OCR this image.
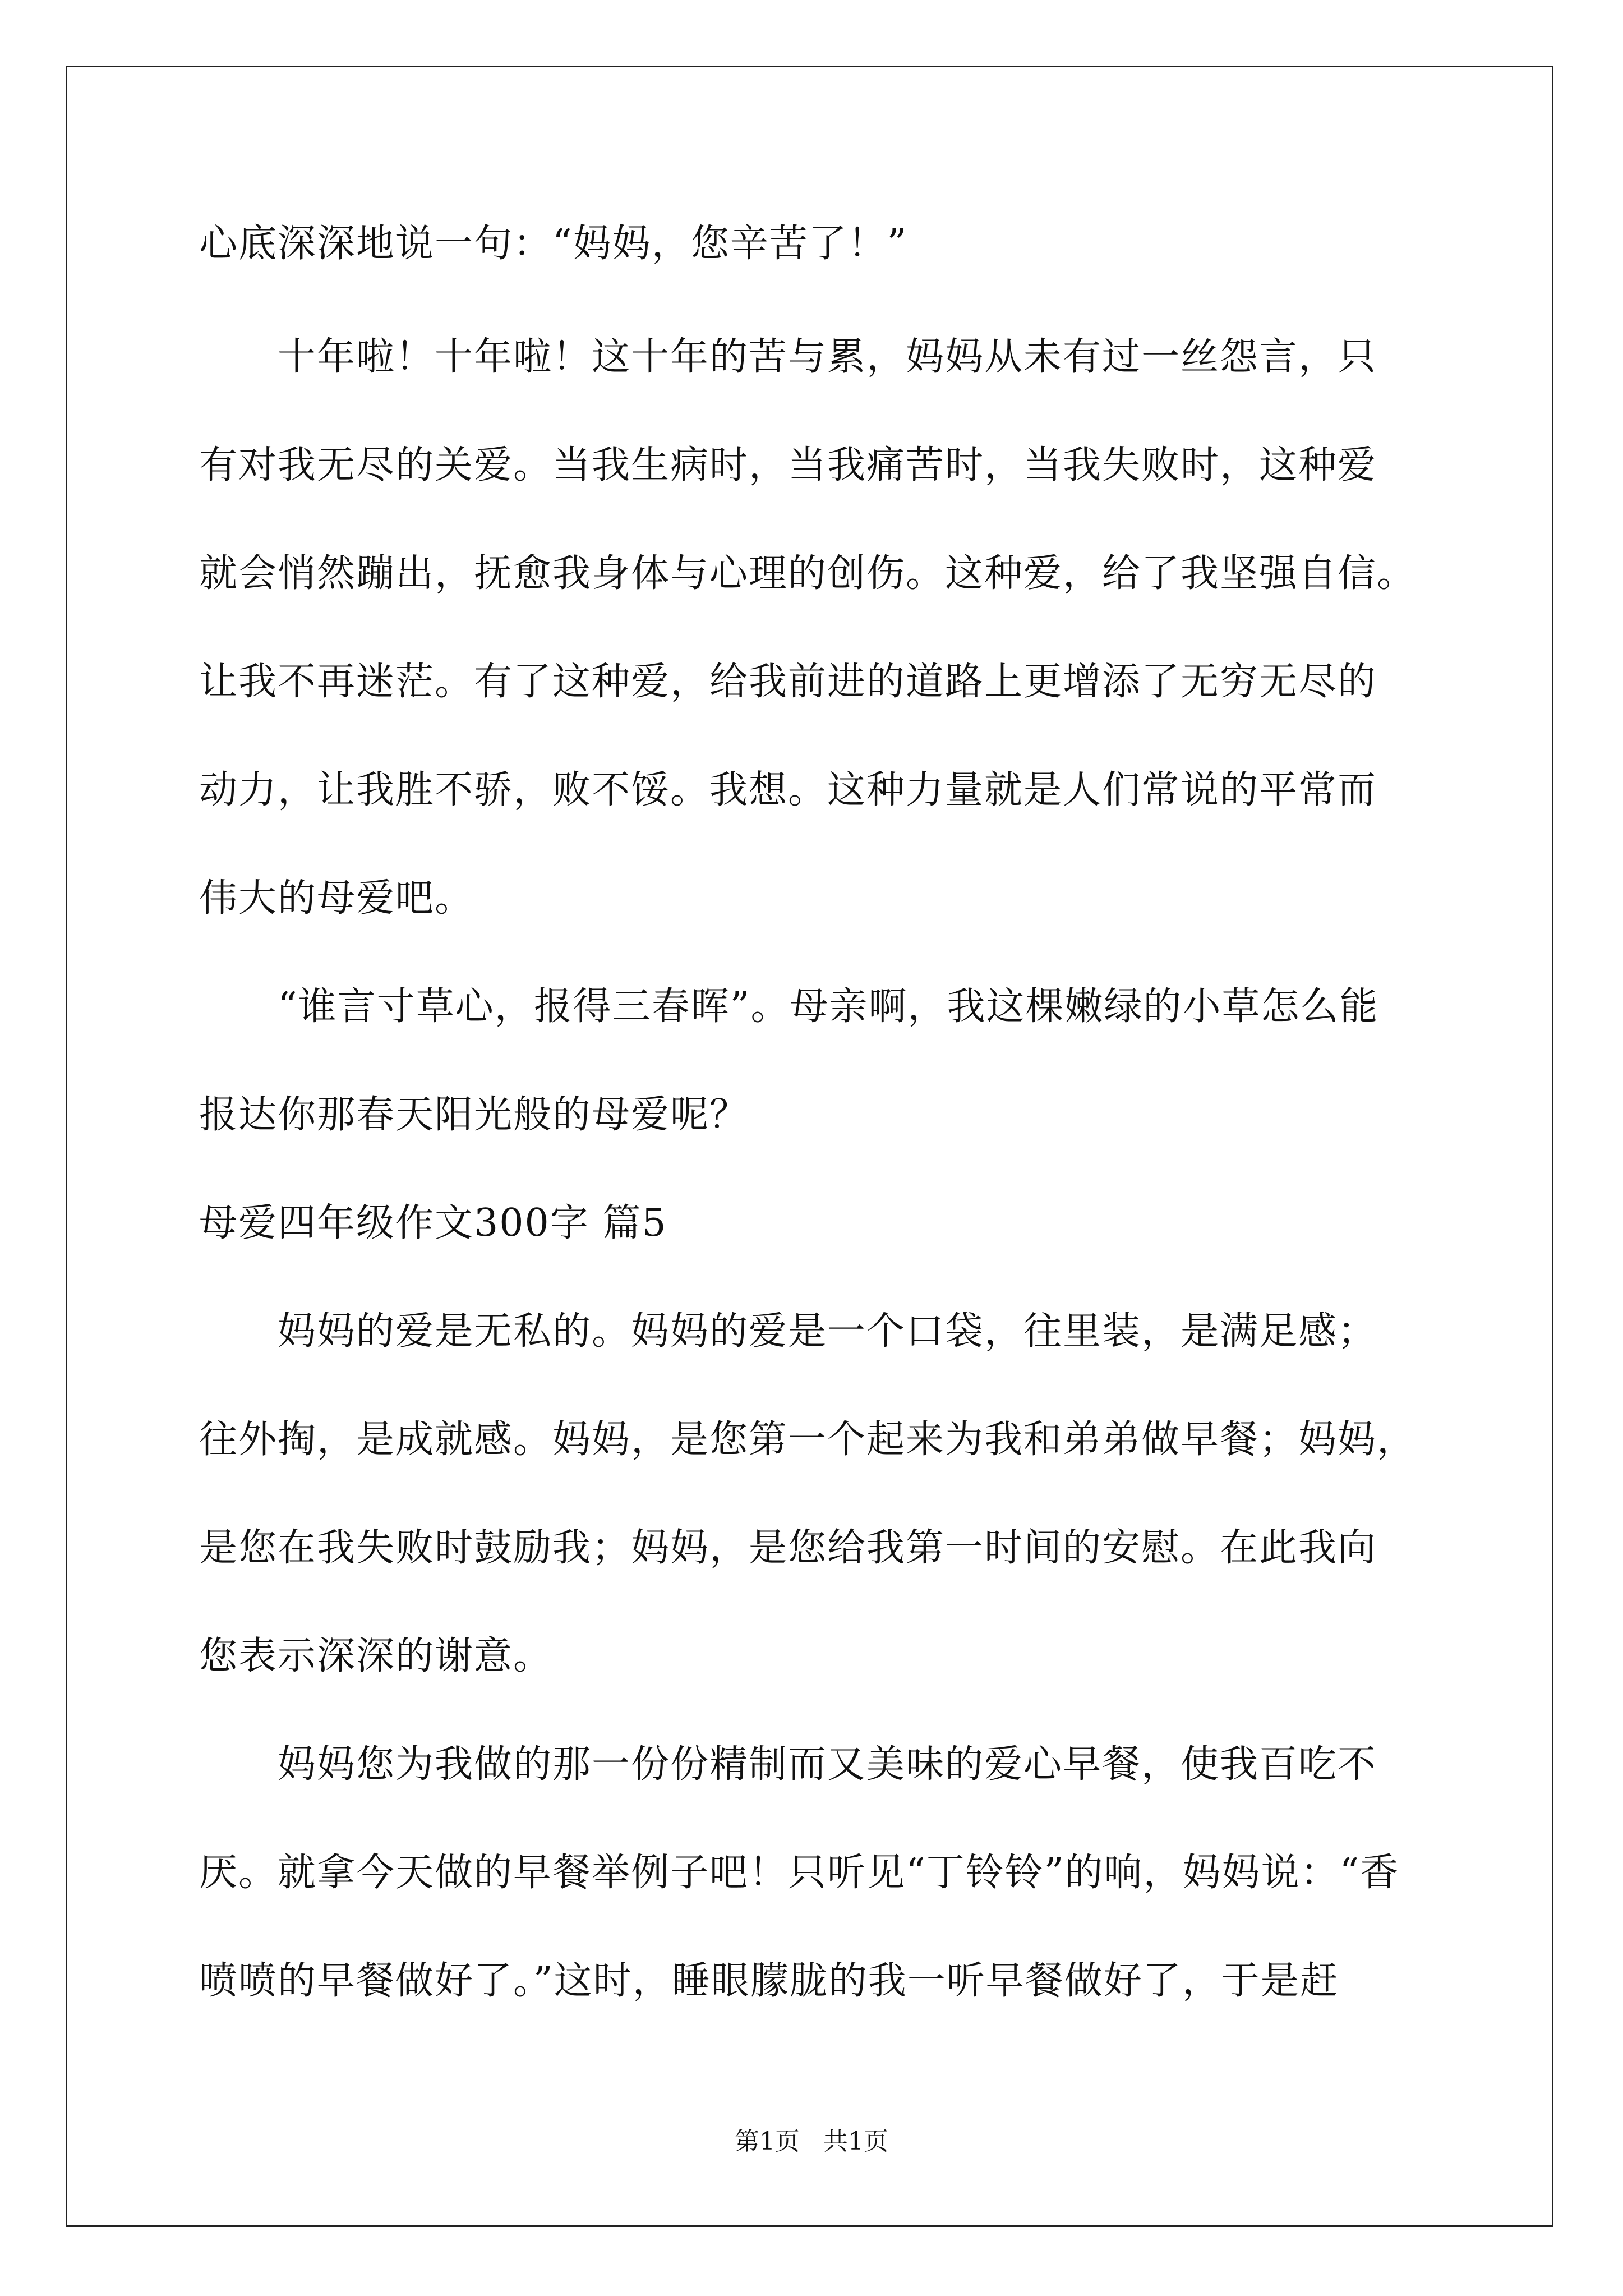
心底深深地说一句：“妈妈，您辛苦了！”
　　十年啦！十年啦！这十年的苦与累，妈妈从未有过一丝怨言，只
有对我无尽的关爱。当我生病时，当我痛苦时，当我失败时，这种爱
就会悄然蹦出，抚愈我身体与心理的创伤。这种爱，给了我坚强自信。
让我不再迷茫。有了这种爱，给我前进的道路上更增添了无穷无尽的
动力，让我胜不骄，败不馁。我想。这种力量就是人们常说的平常而
伟大的母爱吧。
　　“谁言寸草心，报得三春晖”。母亲啊，我这棵嫩绿的小草怎么能
报达你那春天阳光般的母爱呢？
母爱四年级作文300字 篇5
　　妈妈的爱是无私的。妈妈的爱是一个口袋，往里装，是满足感；
往外掏，是成就感。妈妈，是您第一个起来为我和弟弟做早餐；妈妈，
是您在我失败时鼓励我；妈妈，是您给我第一时间的安慰。在此我向
您表示深深的谢意。
　　妈妈您为我做的那一份份精制而又美味的爱心早餐，使我百吃不
厌。就拿今天做的早餐举例子吧！只听见“丁铃铃”的响，妈妈说：“香
喷喷的早餐做好了。”这时，睡眼朦胧的我一听早餐做好了，于是赶
第1页   共1页
